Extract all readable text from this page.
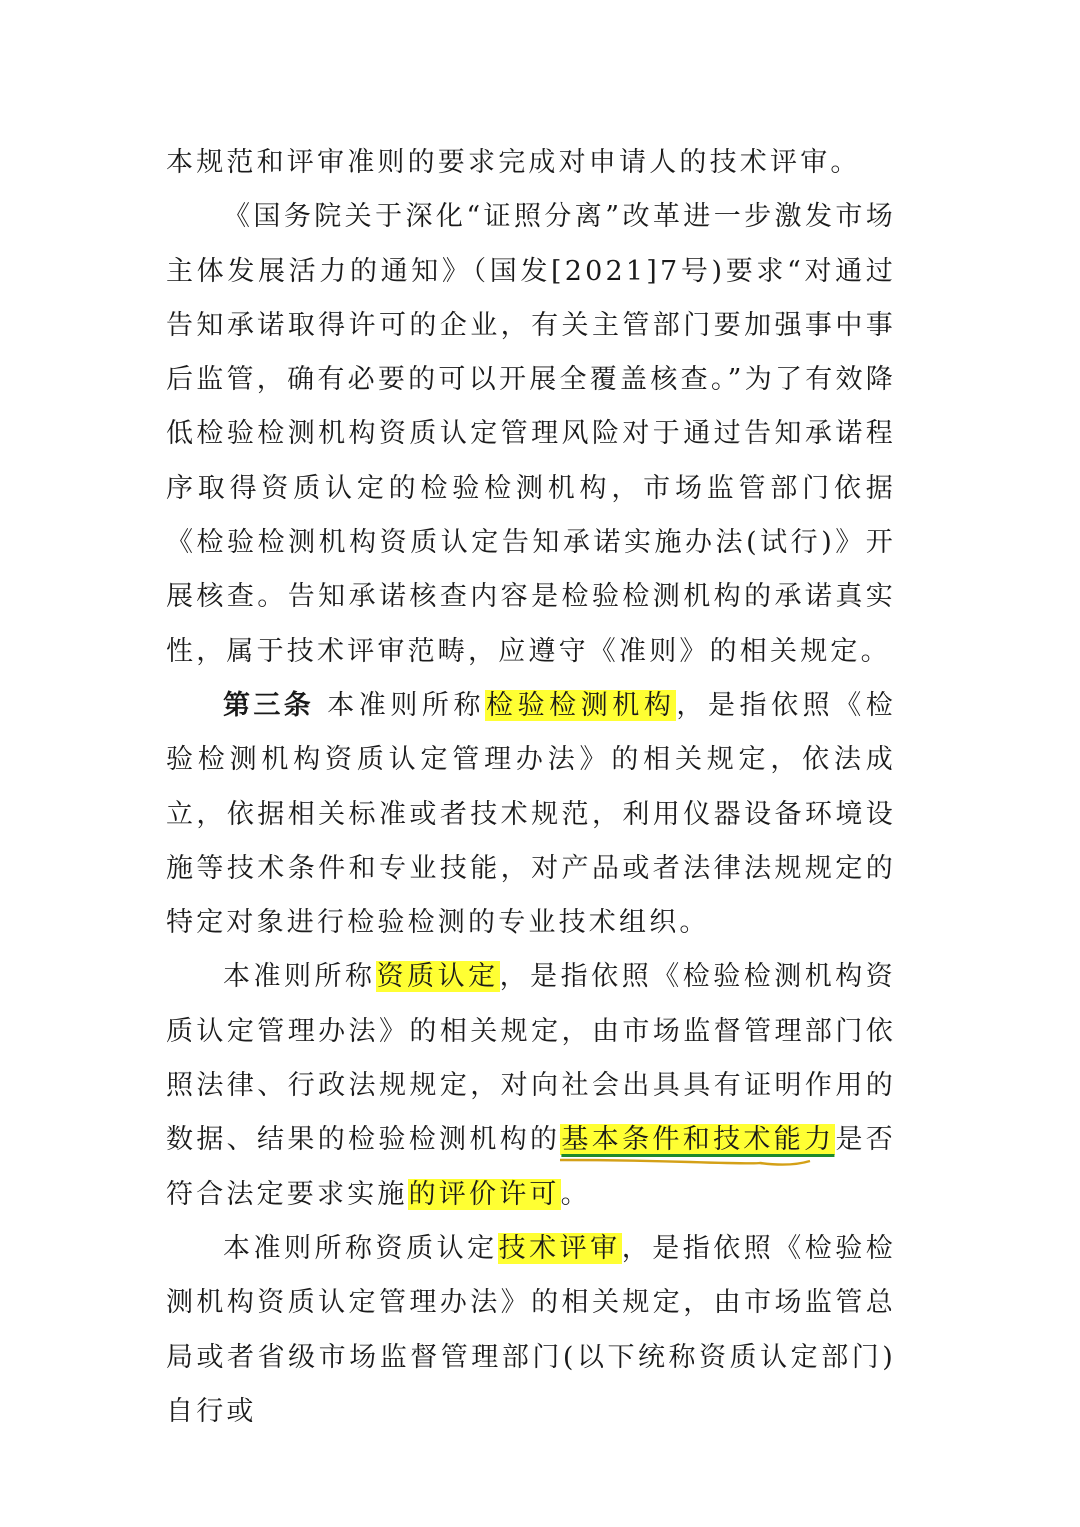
本规范和评审准则的要求完成对申请人的技术评审。

《国务院关于深化“证照分离”改革进一步激发市场主体发展活力的通知》（国发[2021]7号)要求“对通过告知承诺取得许可的企业，有关主管部门要加强事中事后监管，确有必要的可以开展全覆盖核查。”为了有效降低检验检测机构资质认定管理风险对于通过告知承诺程序取得资质认定的检验检测机构，市场监管部门依据《检验检测机构资质认定告知承诺实施办法(试行)》开展核查。告知承诺核查内容是检验检测机构的承诺真实性，属于技术评审范畴，应遵守《准则》的相关规定。

第三条 本准则所称检验检测机构，是指依照《检验检测机构资质认定管理办法》的相关规定，依法成立，依据相关标准或者技术规范，利用仪器设备环境设施等技术条件和专业技能，对产品或者法律法规规定的特定对象进行检验检测的专业技术组织。

本准则所称资质认定，是指依照《检验检测机构资质认定管理办法》的相关规定，由市场监督管理部门依照法律、行政法规规定，对向社会出具具有证明作用的数据、结果的检验检测机构的基本条件和技术能力
是否符合法定要求实施的评价许可。

本准则所称资质认定技术评审，是指依照《检验检测机构资质认定管理办法》的相关规定，由市场监管总局或者省级市场监督管理部门(以下统称资质认定部门)自行或
